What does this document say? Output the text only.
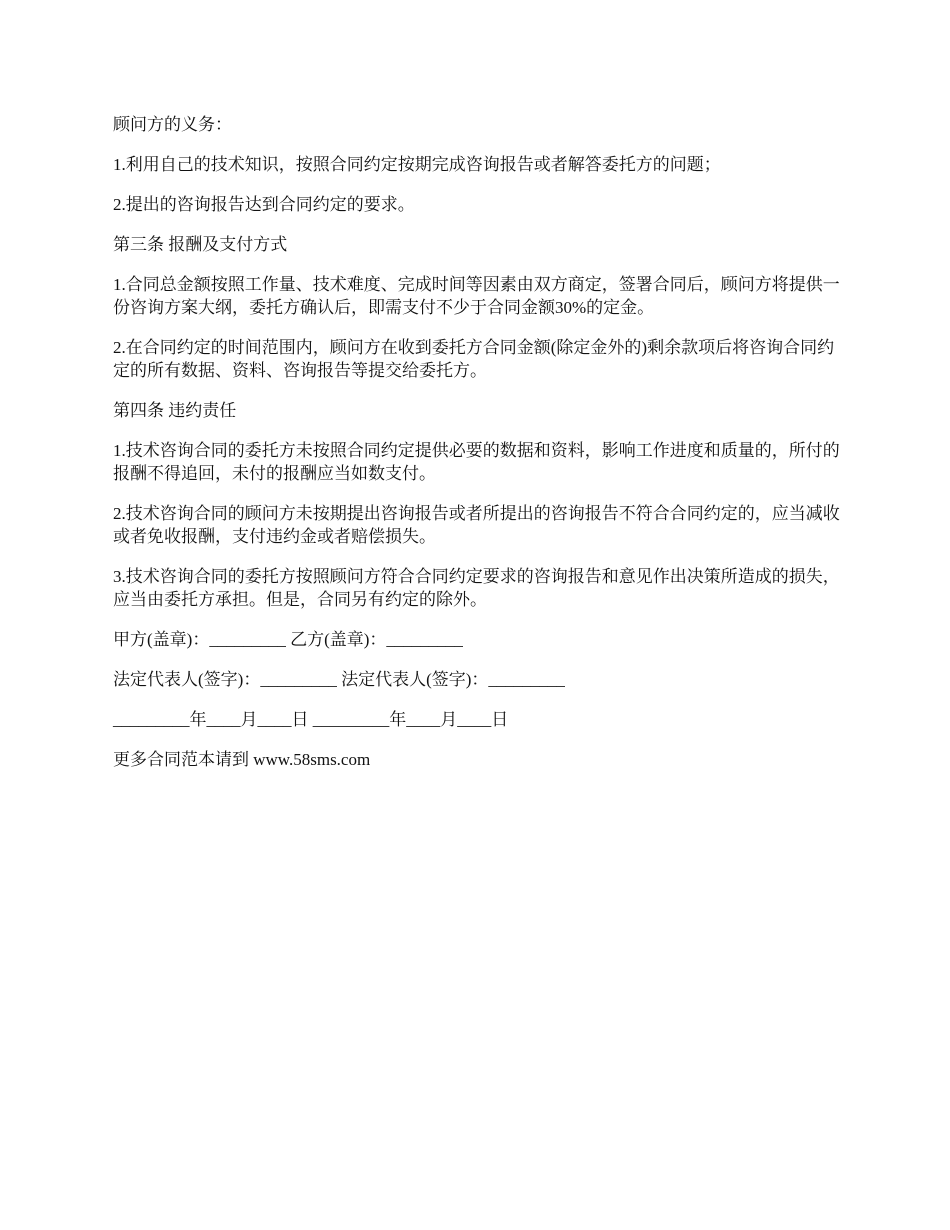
顾问方的义务：

1.利用自己的技术知识，按照合同约定按期完成咨询报告或者解答委托方的问题；

2.提出的咨询报告达到合同约定的要求。

第三条 报酬及支付方式

1.合同总金额按照工作量、技术难度、完成时间等因素由双方商定，签署合同后，顾问方将提供一份咨询方案大纲，委托方确认后，即需支付不少于合同金额30%的定金。

2.在合同约定的时间范围内，顾问方在收到委托方合同金额(除定金外的)剩余款项后将咨询合同约定的所有数据、资料、咨询报告等提交给委托方。

第四条 违约责任

1.技术咨询合同的委托方未按照合同约定提供必要的数据和资料，影响工作进度和质量的，所付的报酬不得追回，未付的报酬应当如数支付。

2.技术咨询合同的顾问方未按期提出咨询报告或者所提出的咨询报告不符合合同约定的，应当减收或者免收报酬，支付违约金或者赔偿损失。

3.技术咨询合同的委托方按照顾问方符合合同约定要求的咨询报告和意见作出决策所造成的损失，应当由委托方承担。但是，合同另有约定的除外。

甲方(盖章)：_________ 乙方(盖章)：_________

法定代表人(签字)：_________ 法定代表人(签字)：_________

_________年____月____日 _________年____月____日

更多合同范本请到 www.58sms.com
